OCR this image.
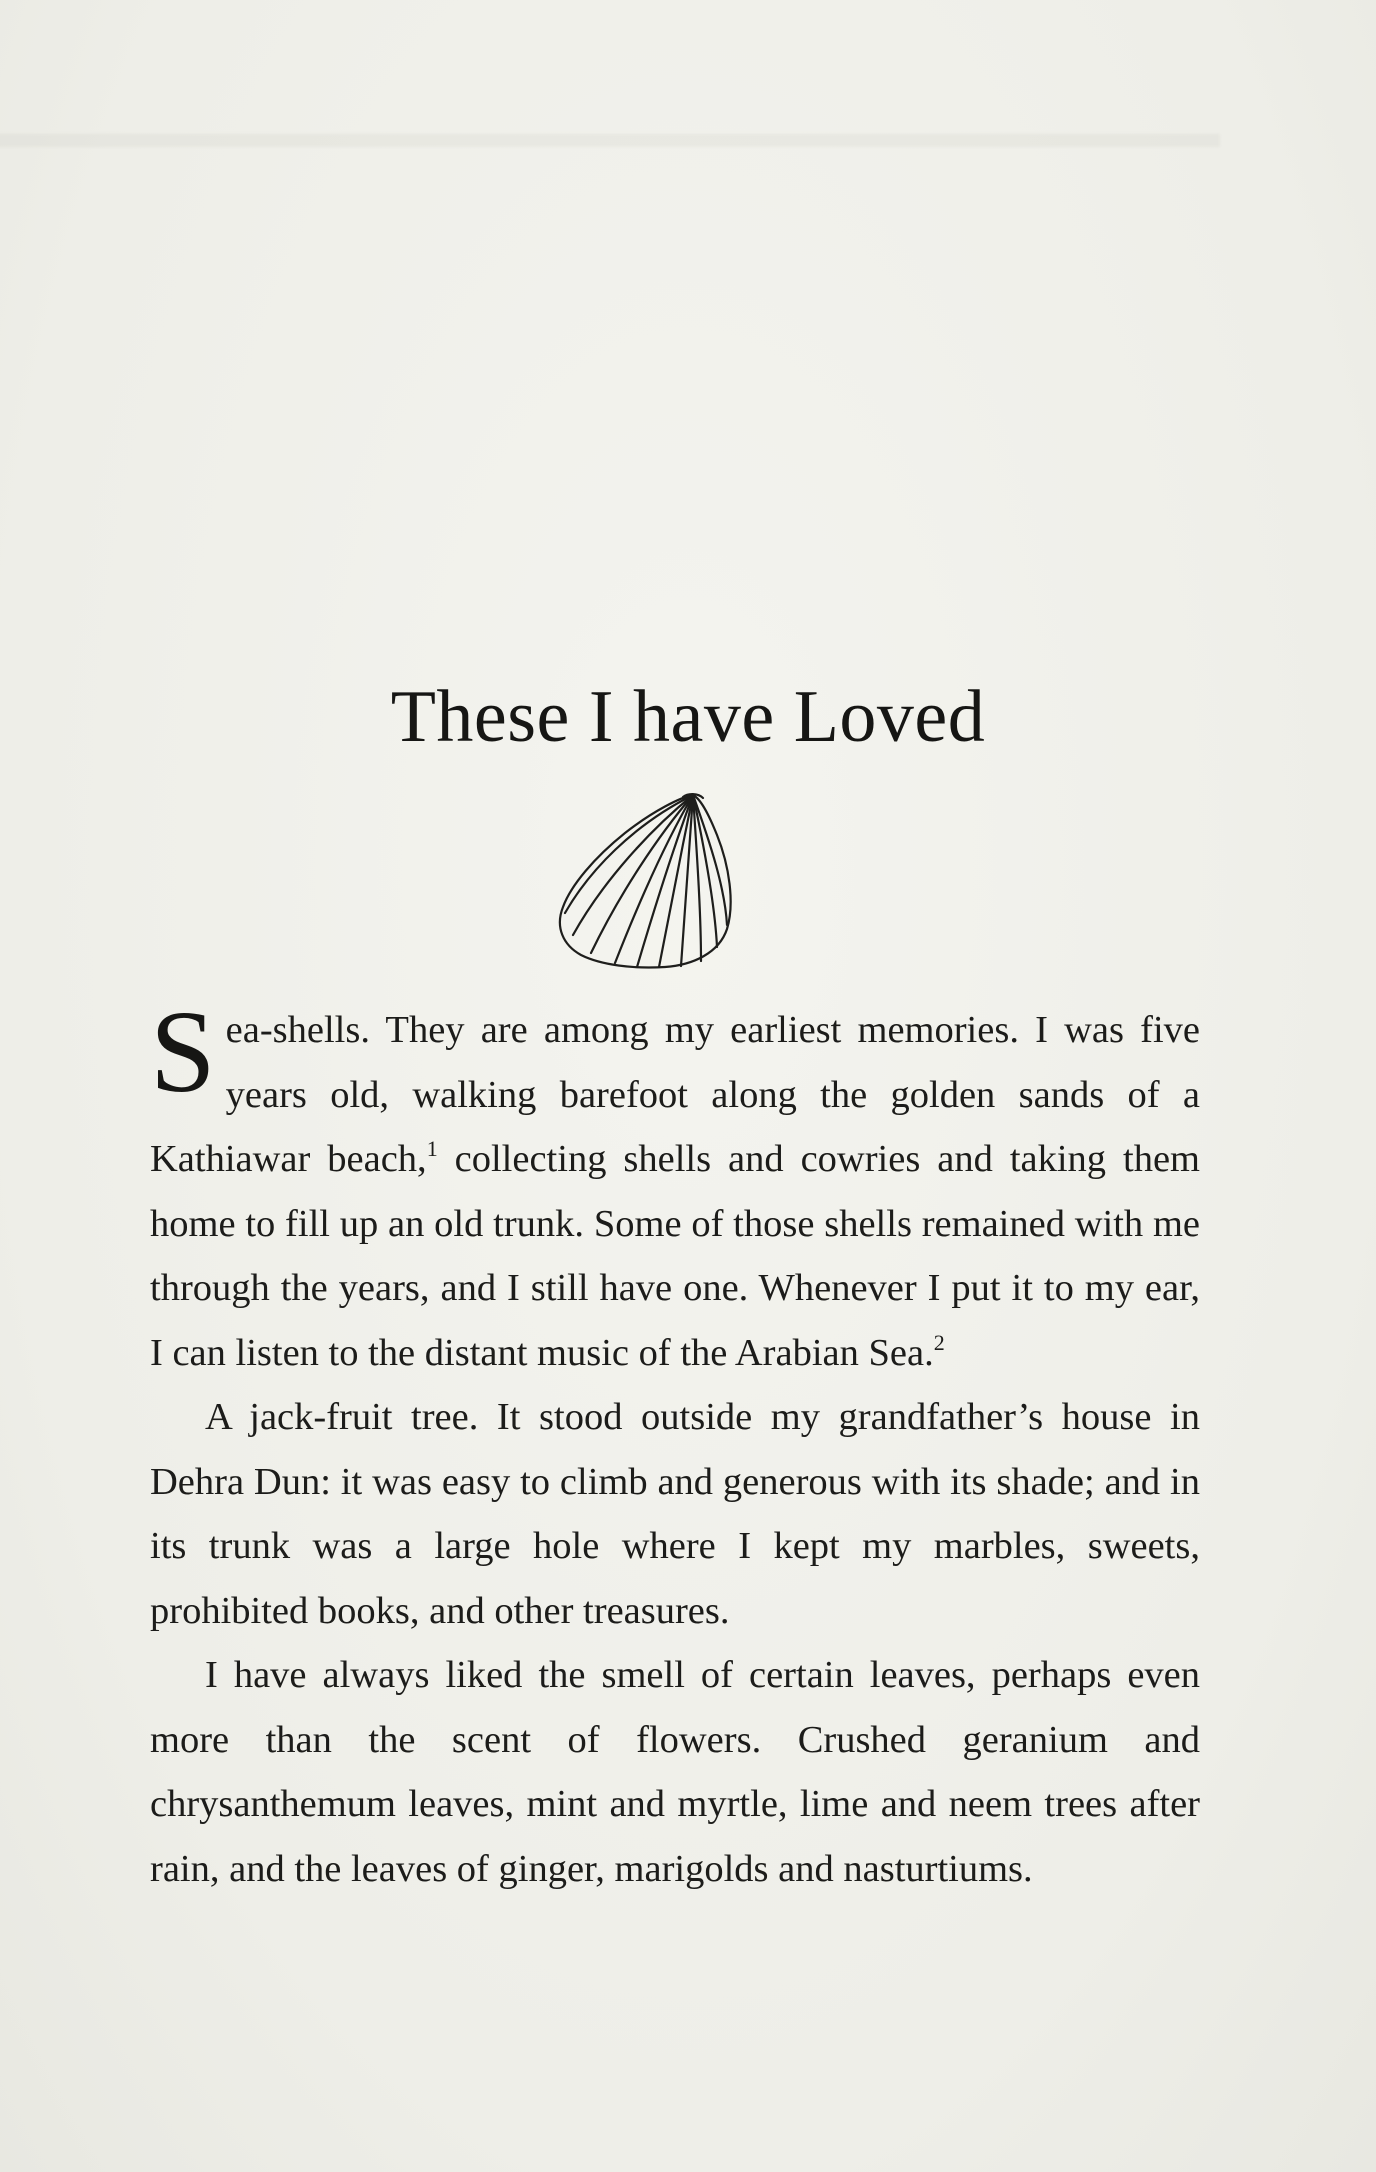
These I have Loved

Sea-shells. They are among my earliest memories. I was five years old, walking barefoot along the golden sands of a Kathiawar beach,$^1$ collecting shells and cowries and taking them home to fill up an old trunk. Some of those shells remained with me through the years, and I still have one. Whenever I put it to my ear, I can listen to the distant music of the Arabian Sea.$^2$

A jack-fruit tree. It stood outside my grandfather’s house in Dehra Dun: it was easy to climb and generous with its shade; and in its trunk was a large hole where I kept my marbles, sweets, prohibited books, and other treasures.

I have always liked the smell of certain leaves, perhaps even more than the scent of flowers. Crushed geranium and chrysanthemum leaves, mint and myrtle, lime and neem trees after rain, and the leaves of ginger, marigolds and nasturtiums.
